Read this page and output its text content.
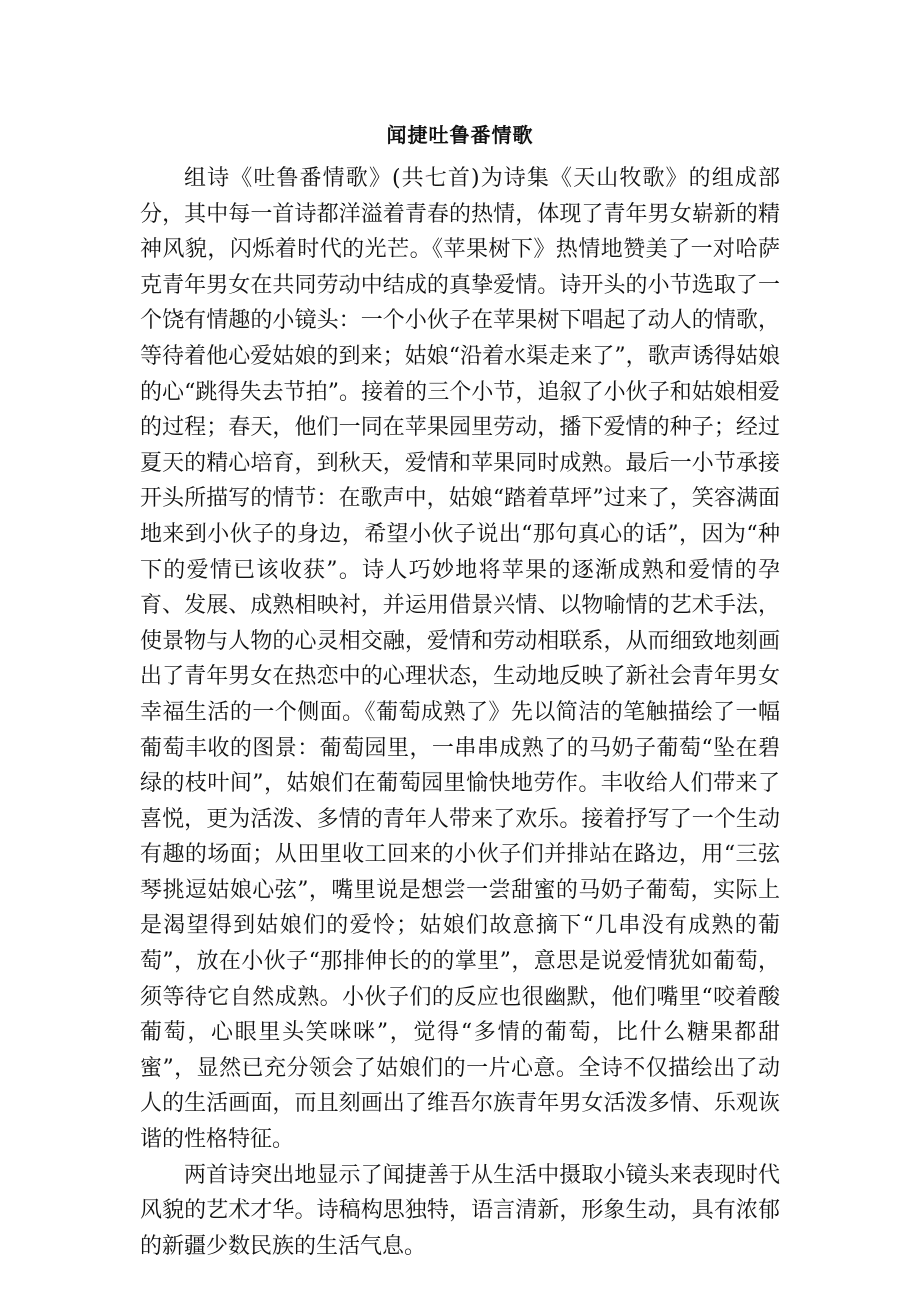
闻捷吐鲁番情歌

组诗《吐鲁番情歌》(共七首)为诗集《天山牧歌》的组成部分，其中每一首诗都洋溢着青春的热情，体现了青年男女崭新的精神风貌，闪烁着时代的光芒。《苹果树下》热情地赞美了一对哈萨克青年男女在共同劳动中结成的真挚爱情。诗开头的小节选取了一个饶有情趣的小镜头：一个小伙子在苹果树下唱起了动人的情歌，等待着他心爱姑娘的到来；姑娘“沿着水渠走来了”，歌声诱得姑娘的心“跳得失去节拍”。接着的三个小节，追叙了小伙子和姑娘相爱的过程；春天，他们一同在苹果园里劳动，播下爱情的种子；经过夏天的精心培育，到秋天，爱情和苹果同时成熟。最后一小节承接开头所描写的情节：在歌声中，姑娘“踏着草坪”过来了，笑容满面地来到小伙子的身边，希望小伙子说出“那句真心的话”，因为“种下的爱情已该收获”。诗人巧妙地将苹果的逐渐成熟和爱情的孕育、发展、成熟相映衬，并运用借景兴情、以物喻情的艺术手法，使景物与人物的心灵相交融，爱情和劳动相联系，从而细致地刻画出了青年男女在热恋中的心理状态，生动地反映了新社会青年男女幸福生活的一个侧面。《葡萄成熟了》先以简洁的笔触描绘了一幅葡萄丰收的图景：葡萄园里，一串串成熟了的马奶子葡萄“坠在碧绿的枝叶间”，姑娘们在葡萄园里愉快地劳作。丰收给人们带来了喜悦，更为活泼、多情的青年人带来了欢乐。接着抒写了一个生动有趣的场面；从田里收工回来的小伙子们并排站在路边，用“三弦琴挑逗姑娘心弦”，嘴里说是想尝一尝甜蜜的马奶子葡萄，实际上是渴望得到姑娘们的爱怜；姑娘们故意摘下“几串没有成熟的葡萄”，放在小伙子“那排伸长的的掌里”，意思是说爱情犹如葡萄，须等待它自然成熟。小伙子们的反应也很幽默，他们嘴里“咬着酸葡萄，心眼里头笑咪咪”，觉得“多情的葡萄，比什么糖果都甜蜜”，显然已充分领会了姑娘们的一片心意。全诗不仅描绘出了动人的生活画面，而且刻画出了维吾尔族青年男女活泼多情、乐观诙谐的性格特征。

两首诗突出地显示了闻捷善于从生活中摄取小镜头来表现时代风貌的艺术才华。诗稿构思独特，语言清新，形象生动，具有浓郁的新疆少数民族的生活气息。
